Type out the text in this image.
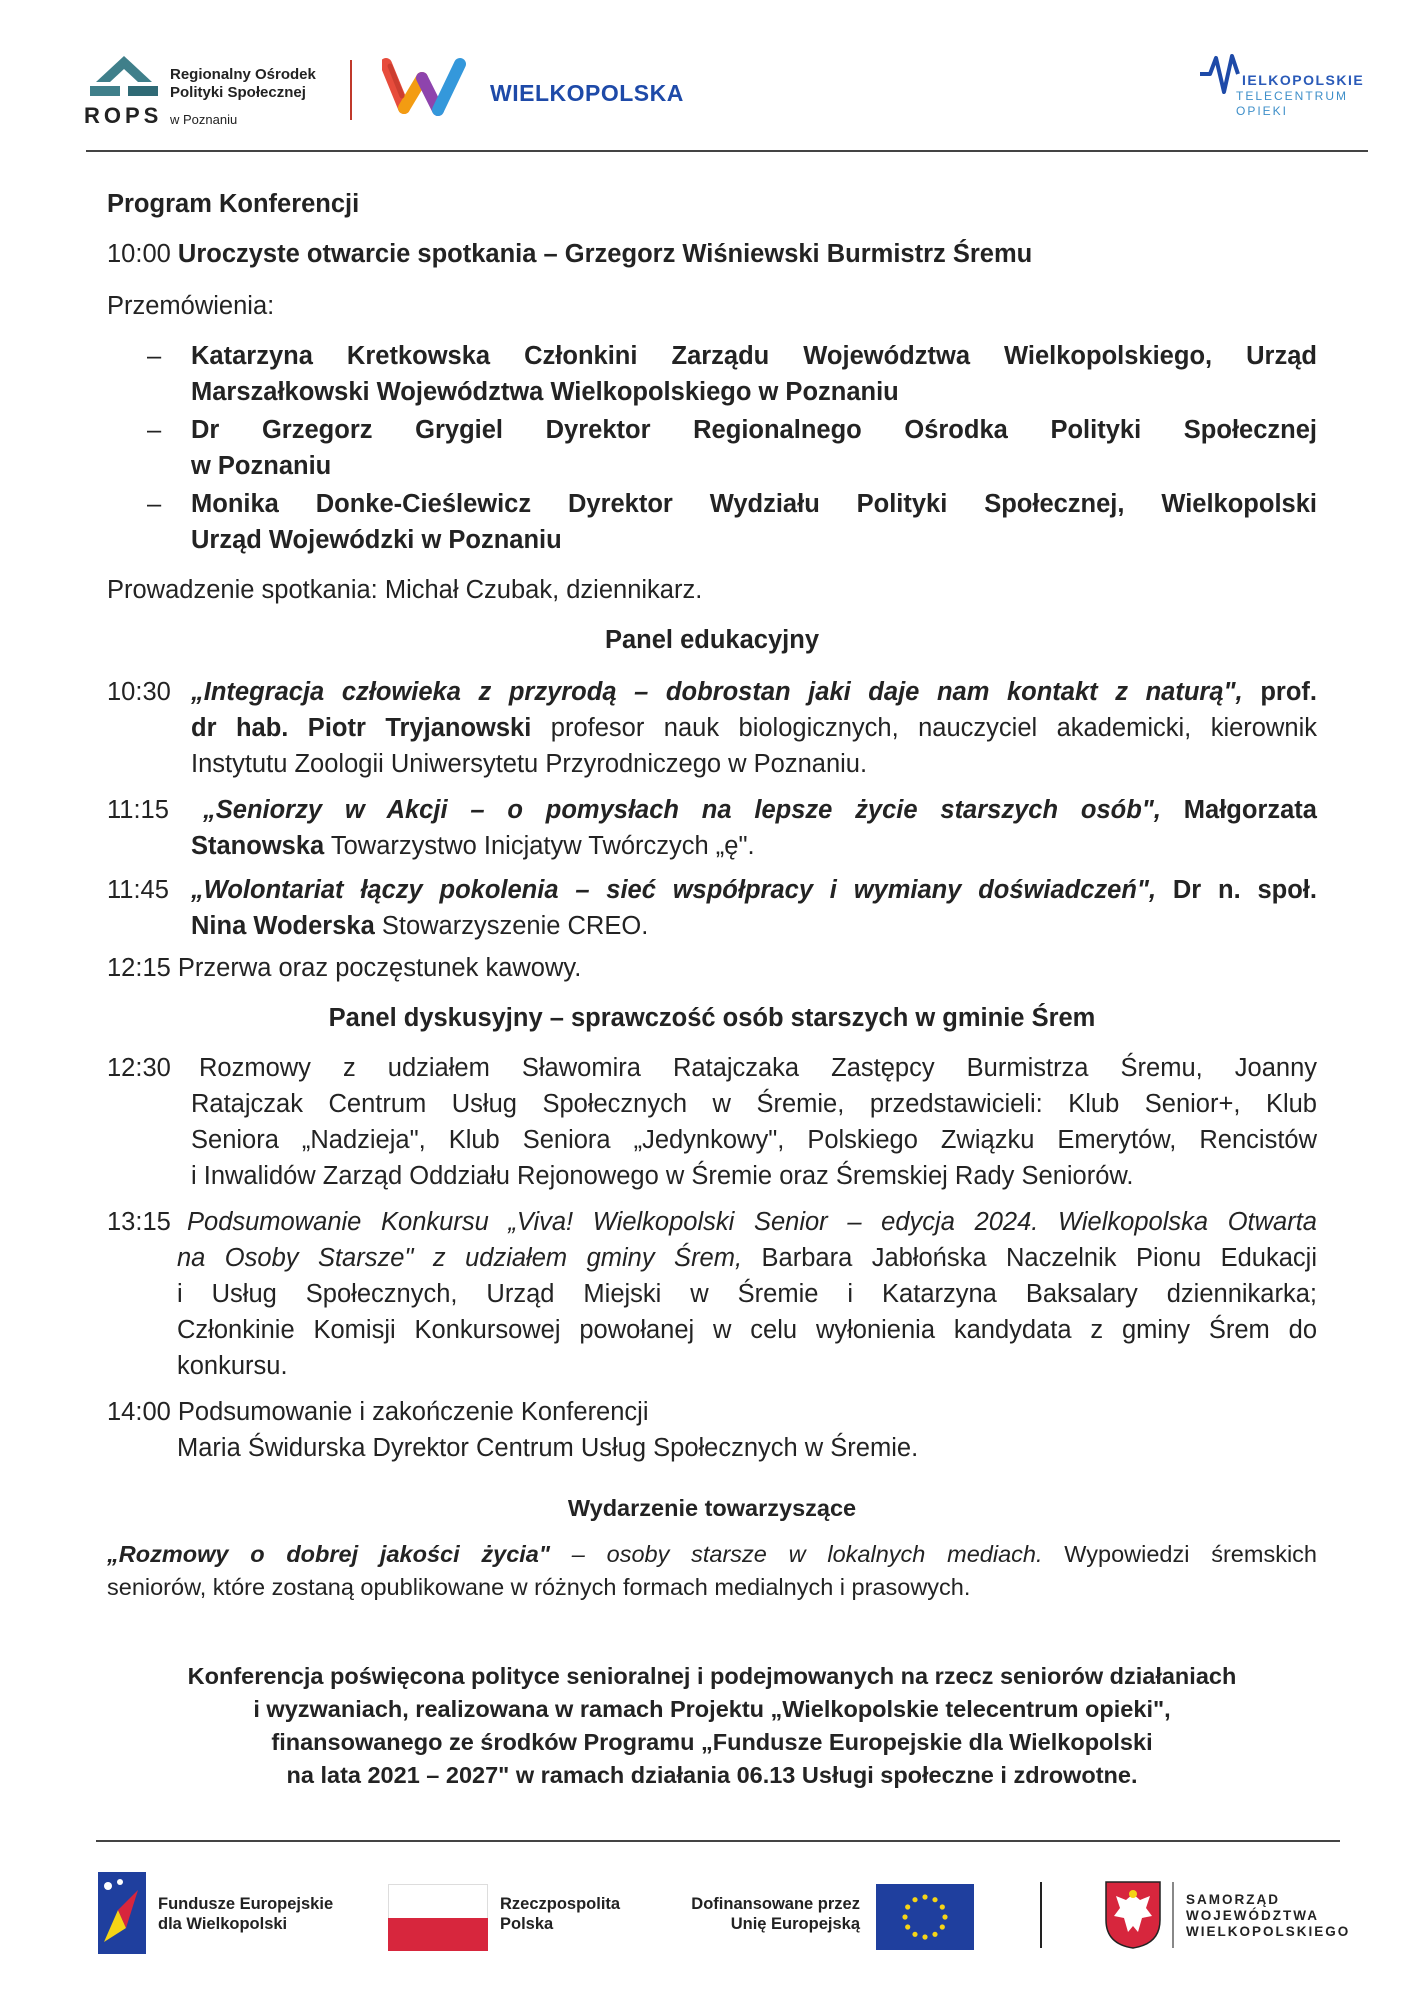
Regionalny Ośrodek
Polityki Społecznej
ROPS w Poznaniu
WIELKOPOLSKA	IELKOPOLSKIE
TELECENTRUM
OPIEKI
Program Konferencji
10:00 Uroczyste otwarcie spotkania – Grzegorz Wiśniewski Burmistrz Śremu
Przemówienia:
– Katarzyna Kretkowska Członkini Zarządu Województwa Wielkopolskiego, Urząd
Marszałkowski Województwa Wielkopolskiego w Poznaniu
– Dr Grzegorz Grygiel Dyrektor Regionalnego Ośrodka Polityki Społecznej
w Poznaniu
– Monika Donke-Cieślewicz Dyrektor Wydziału Polityki Społecznej, Wielkopolski
Urząd Wojewódzki w Poznaniu
Prowadzenie spotkania: Michał Czubak, dziennikarz.
Panel edukacyjny
10:30 „Integracja człowieka z przyrodą – dobrostan jaki daje nam kontakt z naturą", prof.
dr hab. Piotr Tryjanowski profesor nauk biologicznych, nauczyciel akademicki, kierownik
Instytutu Zoologii Uniwersytetu Przyrodniczego w Poznaniu.
11:15 „Seniorzy w Akcji – o pomysłach na lepsze życie starszych osób", Małgorzata
Stanowska Towarzystwo Inicjatyw Twórczych „ę".
11:45 „Wolontariat łączy pokolenia – sieć współpracy i wymiany doświadczeń", Dr n. społ.
Nina Woderska Stowarzyszenie CREO.
12:15 Przerwa oraz poczęstunek kawowy.
Panel dyskusyjny – sprawczość osób starszych w gminie Śrem
12:30 Rozmowy z udziałem Sławomira Ratajczaka Zastępcy Burmistrza Śremu, Joanny
Ratajczak Centrum Usług Społecznych w Śremie, przedstawicieli: Klub Senior+, Klub
Seniora „Nadzieja", Klub Seniora „Jedynkowy", Polskiego Związku Emerytów, Rencistów
i Inwalidów Zarząd Oddziału Rejonowego w Śremie oraz Śremskiej Rady Seniorów.
13:15 Podsumowanie Konkursu „Viva! Wielkopolski Senior – edycja 2024. Wielkopolska Otwarta
na Osoby Starsze" z udziałem gminy Śrem, Barbara Jabłońska Naczelnik Pionu Edukacji
i Usług Społecznych, Urząd Miejski w Śremie i Katarzyna Baksalary dziennikarka;
Członkinie Komisji Konkursowej powołanej w celu wyłonienia kandydata z gminy Śrem do
konkursu.
14:00 Podsumowanie i zakończenie Konferencji
Maria Świdurska Dyrektor Centrum Usług Społecznych w Śremie.
Wydarzenie towarzyszące
„Rozmowy o dobrej jakości życia" – osoby starsze w lokalnych mediach. Wypowiedzi śremskich
seniorów, które zostaną opublikowane w różnych formach medialnych i prasowych.
Konferencja poświęcona polityce senioralnej i podejmowanych na rzecz seniorów działaniach
i wyzwaniach, realizowana w ramach Projektu „Wielkopolskie telecentrum opieki",
finansowanego ze środków Programu „Fundusze Europejskie dla Wielkopolski
na lata 2021 – 2027" w ramach działania 06.13 Usługi społeczne i zdrowotne.
Fundusze Europejskie
dla Wielkopolski
Rzeczpospolita
Polska
Dofinansowane przez
Unię Europejską
SAMORZĄD
WOJEWÓDZTWA
WIELKOPOLSKIEGO
